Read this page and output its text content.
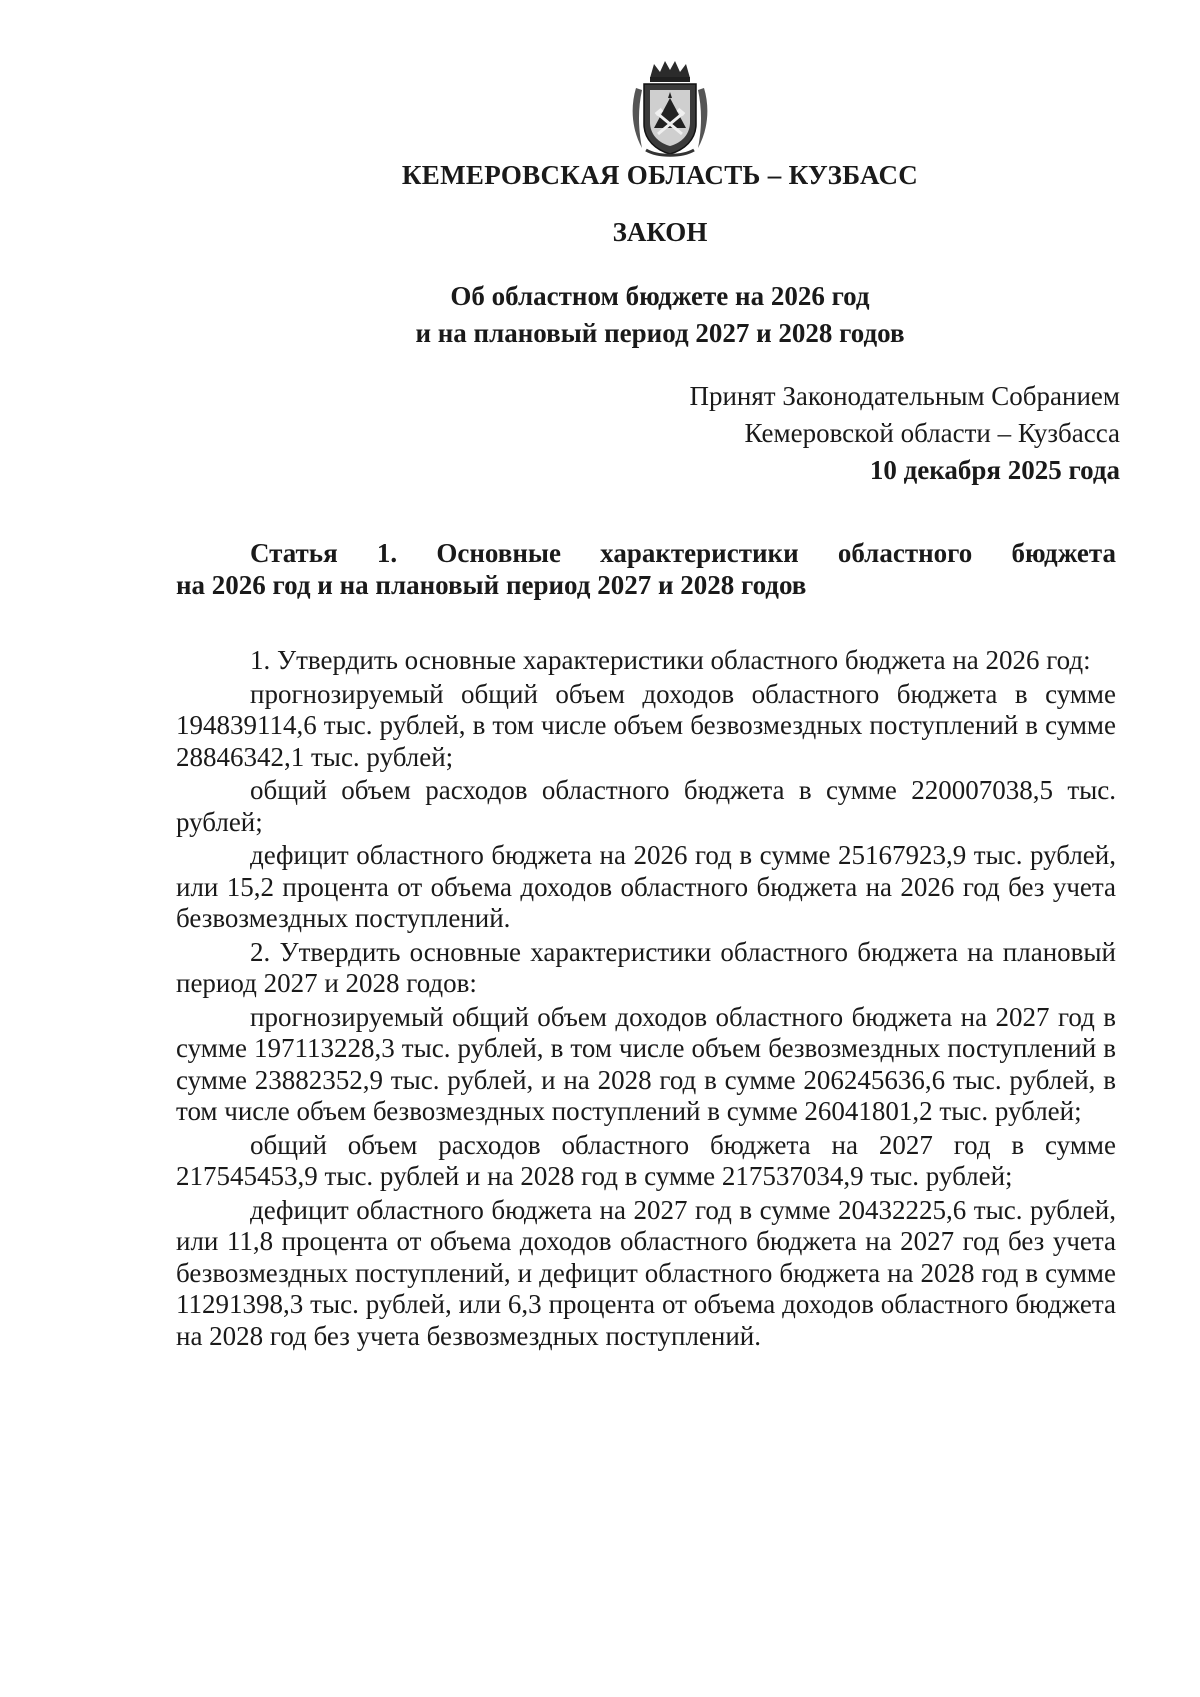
КЕМЕРОВСКАЯ ОБЛАСТЬ – КУЗБАСС
ЗАКОН
Об областном бюджете на 2026 год
и на плановый период 2027 и 2028 годов
Принят Законодательным Собранием
Кемеровской области – Кузбасса
10 декабря 2025 года
Статья 1. Основные характеристики областного бюджета
на 2026 год и на плановый период 2027 и 2028 годов

1. Утвердить основные характеристики областного бюджета на 2026 год:

прогнозируемый общий объем доходов областного бюджета в сумме 194839114,6 тыс. рублей, в том числе объем безвозмездных поступлений в сумме 28846342,1 тыс. рублей;

общий объем расходов областного бюджета в сумме 220007038,5 тыс. рублей;

дефицит областного бюджета на 2026 год в сумме 25167923,9 тыс. рублей, или 15,2 процента от объема доходов областного бюджета на 2026 год без учета безвозмездных поступлений.

2. Утвердить основные характеристики областного бюджета на плановый период 2027 и 2028 годов:

прогнозируемый общий объем доходов областного бюджета на 2027 год в сумме 197113228,3 тыс. рублей, в том числе объем безвозмездных поступлений в сумме 23882352,9 тыс. рублей, и на 2028 год в сумме 206245636,6 тыс. рублей, в том числе объем безвозмездных поступлений в сумме 26041801,2 тыс. рублей;

общий объем расходов областного бюджета на 2027 год в сумме 217545453,9 тыс. рублей и на 2028 год в сумме 217537034,9 тыс. рублей;

дефицит областного бюджета на 2027 год в сумме 20432225,6 тыс. рублей, или 11,8 процента от объема доходов областного бюджета на 2027 год без учета безвозмездных поступлений, и дефицит областного бюджета на 2028 год в сумме 11291398,3 тыс. рублей, или 6,3 процента от объема доходов областного бюджета на 2028 год без учета безвозмездных поступлений.
